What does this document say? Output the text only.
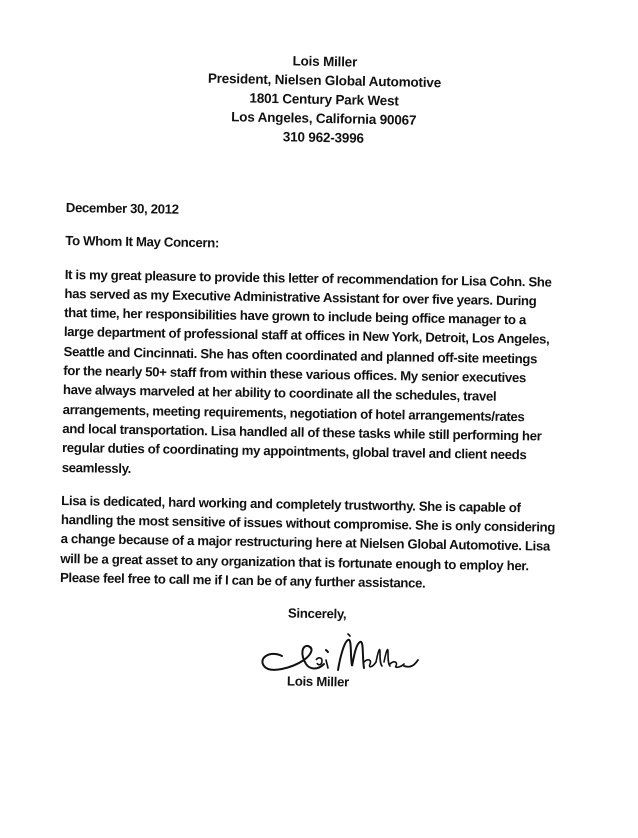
Lois Miller
President, Nielsen Global Automotive
1801 Century Park West
Los Angeles, California 90067
310 962-3996
December 30, 2012
To Whom It May Concern:
It is my great pleasure to provide this letter of recommendation for Lisa Cohn. She
has served as my Executive Administrative Assistant for over five years. During
that time, her responsibilities have grown to include being office manager to a
large department of professional staff at offices in New York, Detroit, Los Angeles,
Seattle and Cincinnati. She has often coordinated and planned off-site meetings
for the nearly 50+ staff from within these various offices. My senior executives
have always marveled at her ability to coordinate all the schedules, travel
arrangements, meeting requirements, negotiation of hotel arrangements/rates
and local transportation. Lisa handled all of these tasks while still performing her
regular duties of coordinating my appointments, global travel and client needs
seamlessly.
Lisa is dedicated, hard working and completely trustworthy. She is capable of
handling the most sensitive of issues without compromise. She is only considering
a change because of a major restructuring here at Nielsen Global Automotive. Lisa
will be a great asset to any organization that is fortunate enough to employ her.
Please feel free to call me if I can be of any further assistance.
Sincerely,
Lois Miller
